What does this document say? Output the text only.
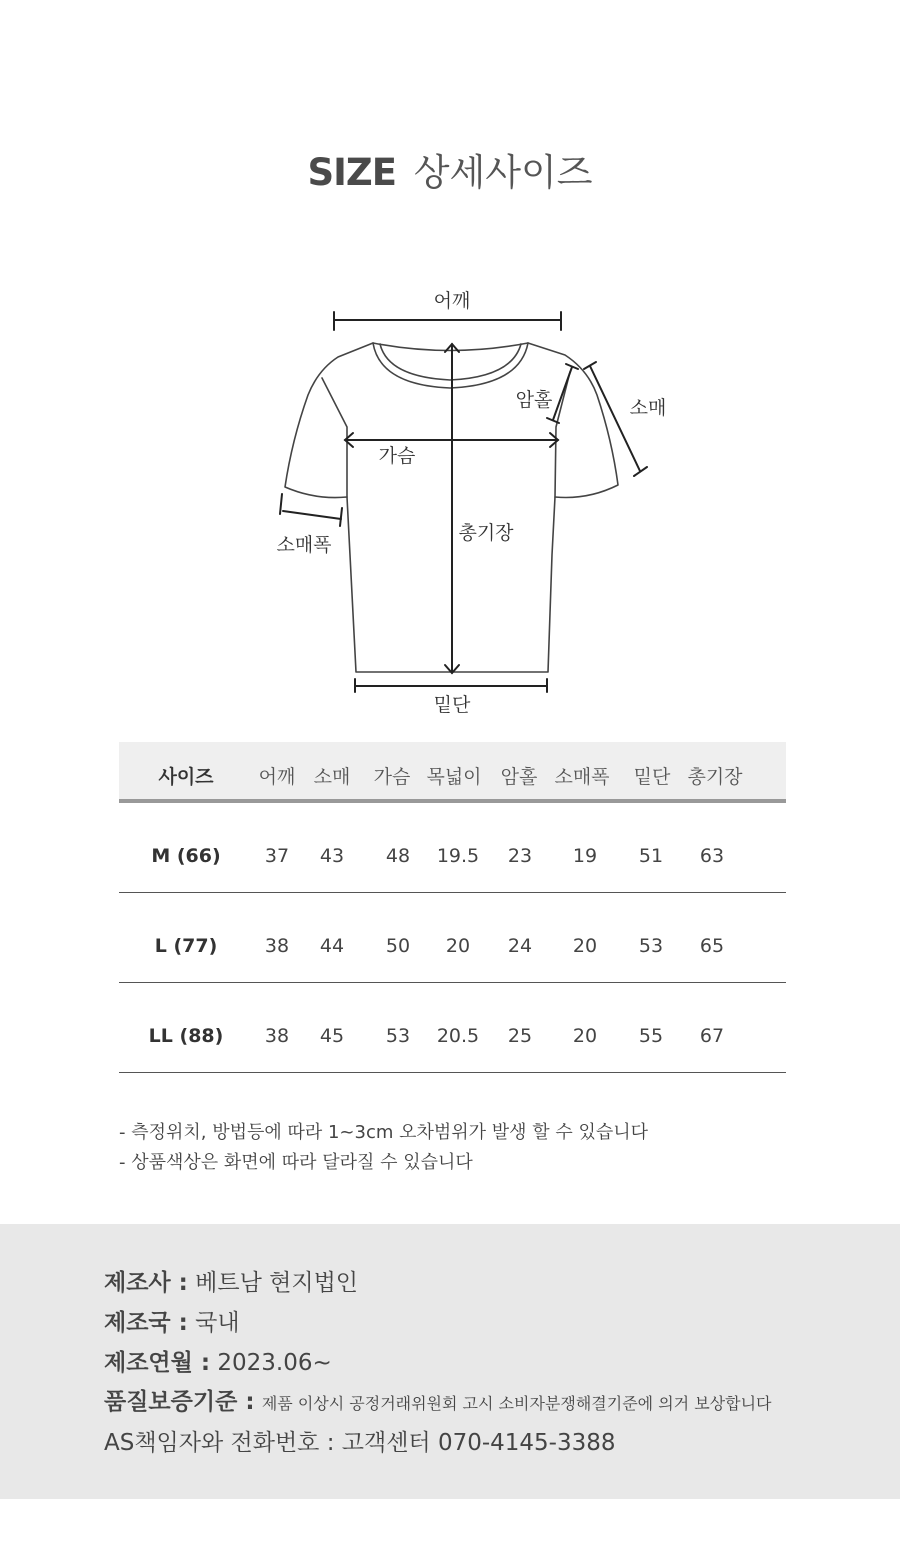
SIZE 상세사이즈
어깨
암홀	소매
가슴
소매폭
총기장
밑단
사이즈 어깨 소매 가슴 목넓이 암홀 소매폭 밑단 총기장
M (66) 37 43 48 19.5 23 19 51 63
L (77)	38 44 50 20 24 20 53 65
LL (88) 38 45 53 20.5 25 20 55 67
- 측정위치, 방법등에 따라 1~3cm 오차범위가 발생 할 수 있습니다
- 상품색상은 화면에 따라 달라질 수 있습니다
제조사 : 베트남 현지법인
제조국 : 국내
제조연월 : 2023.06~
품질보증기준 : 제품 이상시 공정거래위원회 고시 소비자분쟁해결기준에 의거 보상합니다
AS책임자와 전화번호 : 고객센터 070-4145-3388
